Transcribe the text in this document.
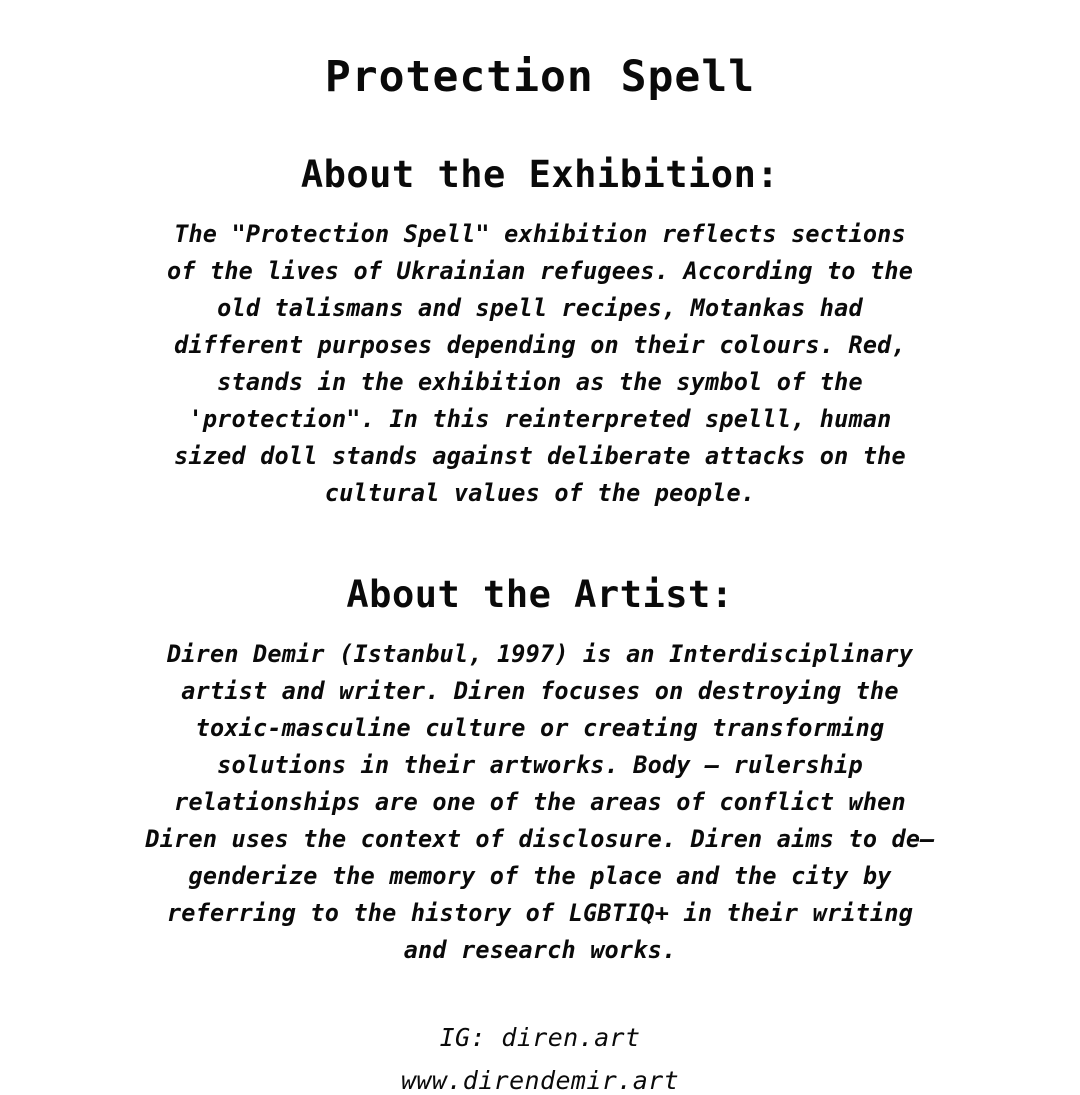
Protection Spell
About the Exhibition:

The "Protection Spell" exhibition reflects sections of the lives of Ukrainian refugees. According to the old talismans and spell recipes, Motankas had different purposes depending on their colours. Red, stands in the exhibition as the symbol of the 'protection". In this reinterpreted spelll, human sized doll stands against deliberate attacks on the cultural values of the people.

About the Artist:

Diren Demir (Istanbul, 1997) is an Interdisciplinary artist and writer. Diren focuses on destroying the toxic-masculine culture or creating transforming solutions in their artworks. Body — rulership relationships are one of the areas of conflict when Diren uses the context of disclosure. Diren aims to de—genderize the memory of the place and the city by referring to the history of LGBTIQ+ in their writing and research works.

IG: diren.art
www.direndemir.art
